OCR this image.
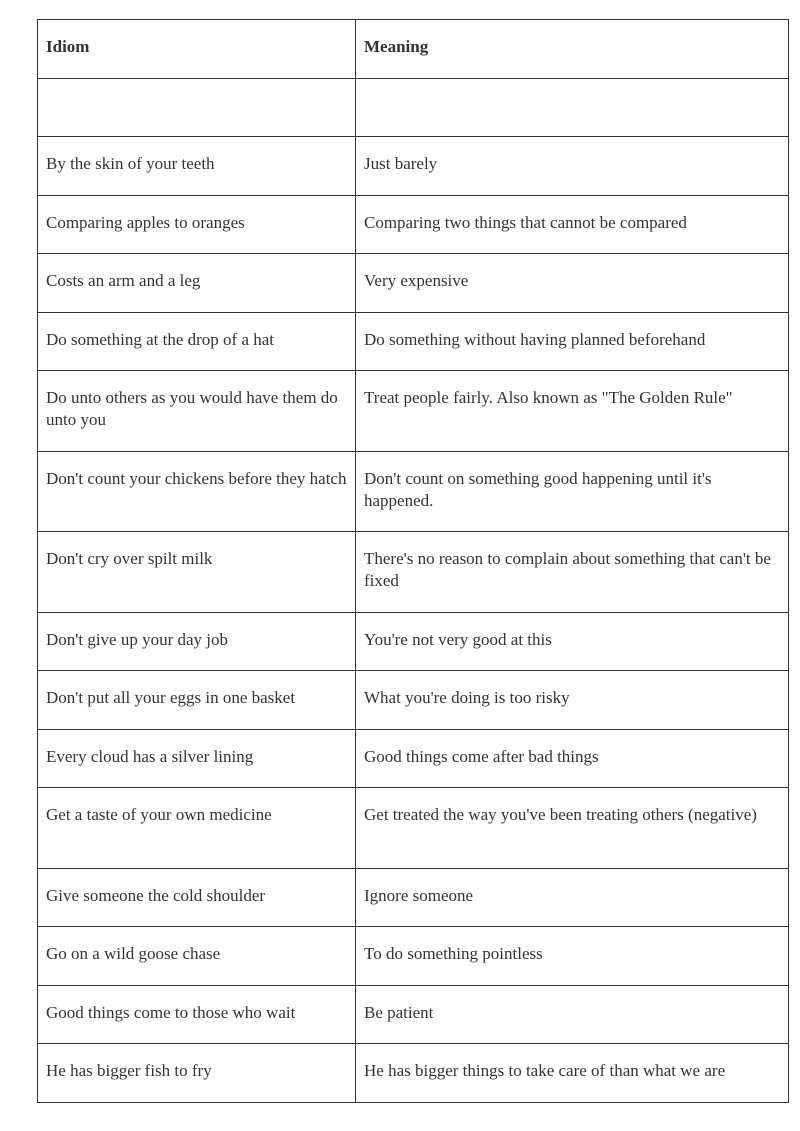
Idiom	Meaning

By the skin of your teeth	Just barely
Comparing apples to oranges	Comparing two things that cannot be compared
Costs an arm and a leg	Very expensive
Do something at the drop of a hat	Do something without having planned beforehand
Do unto others as you would have them do unto you	Treat people fairly. Also known as "The Golden Rule"
Don't count your chickens before they hatch	Don't count on something good happening until it's happened.
Don't cry over spilt milk	There's no reason to complain about something that can't be fixed
Don't give up your day job	You're not very good at this
Don't put all your eggs in one basket	What you're doing is too risky
Every cloud has a silver lining	Good things come after bad things
Get a taste of your own medicine	Get treated the way you've been treating others (negative)
Give someone the cold shoulder	Ignore someone
Go on a wild goose chase	To do something pointless
Good things come to those who wait	Be patient
He has bigger fish to fry	He has bigger things to take care of than what we are
